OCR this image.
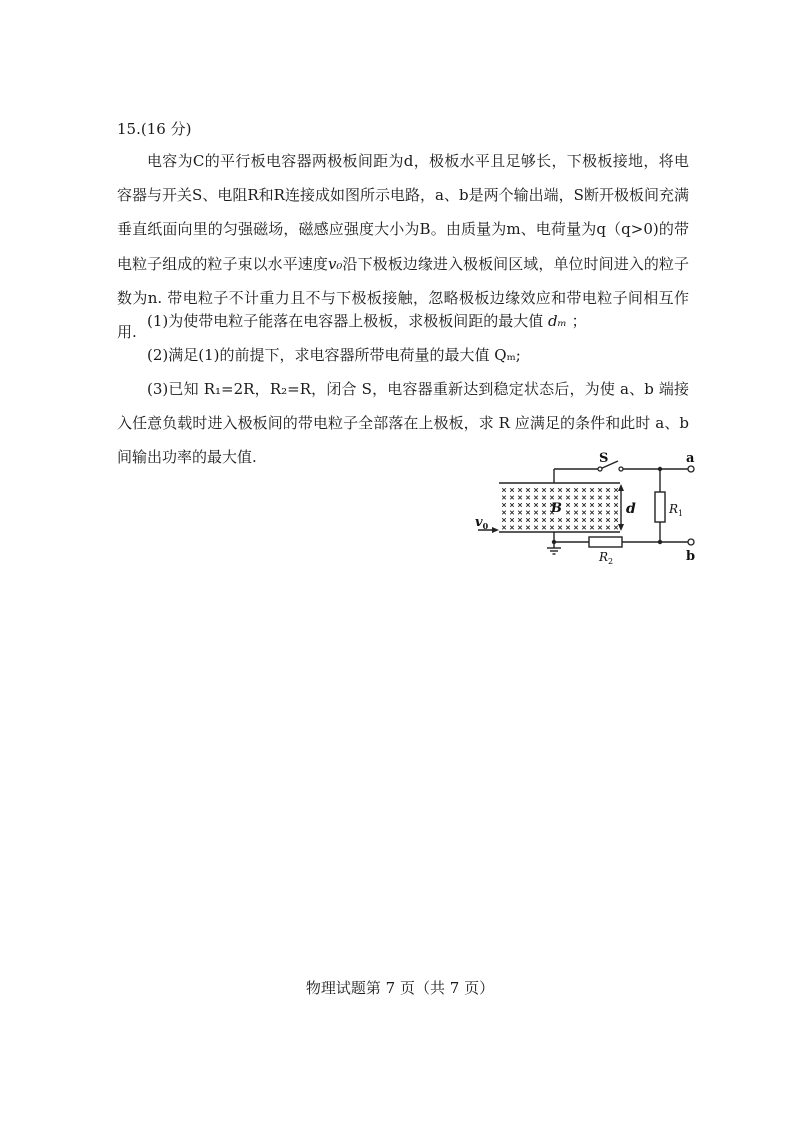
15.(16 分)

电容为C的平行板电容器两极板间距为d，极板水平且足够长，下极板接地，将电容器与开关S、电阻R和R连接成如图所示电路，a、b是两个输出端，S断开极板间充满垂直纸面向里的匀强磁场，磁感应强度大小为B。由质量为m、电荷量为q（q>0)的带电粒子组成的粒子束以水平速度v₀沿下极板边缘进入极板间区域，单位时间进入的粒子数为n. 带电粒子不计重力且不与下极板接触，忽略极板边缘效应和带电粒子间相互作用.

(1)为使带电粒子能落在电容器上极板，求极板间距的最大值 dₘ ；

(2)满足(1)的前提下，求电容器所带电荷量的最大值 Qₘ;

(3)已知 R₁=2R，R₂=R，闭合 S，电容器重新达到稳定状态后，为使 a、b 端接入任意负载时进入极板间的带电粒子全部落在上极板，求 R 应满足的条件和此时 a、b 间输出功率的最大值.	S	a
b
B	d	$R_1$
$R_2$
$v_0$
物理试题第 7 页（共 7 页）
